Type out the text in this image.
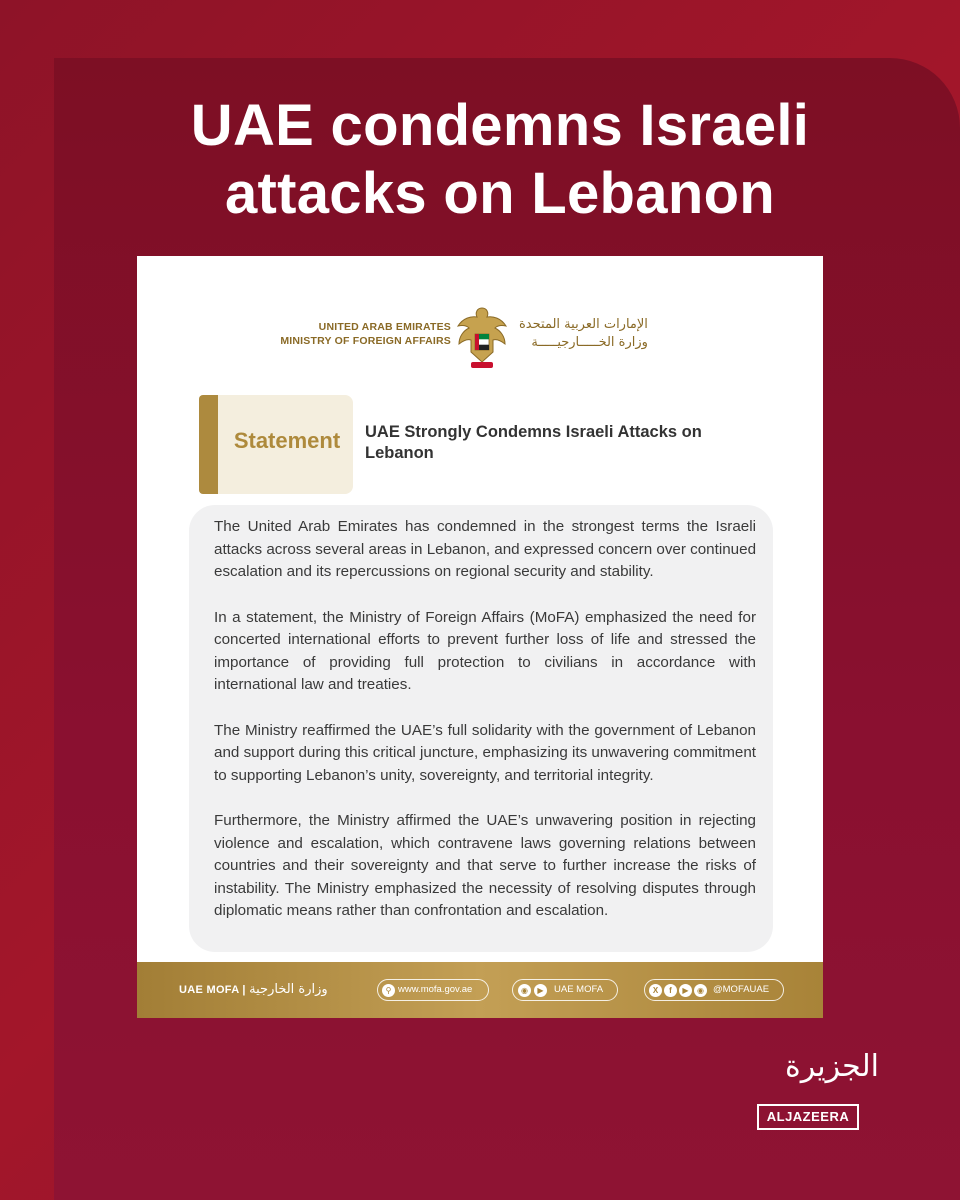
UAE condemns Israeli attacks on Lebanon
UNITED ARAB EMIRATES
MINISTRY OF FOREIGN AFFAIRS
الإمارات العربية المتحدة
وزارة الخـــــارجيـــــة
Statement	UAE Strongly Condemns Israeli Attacks on Lebanon

The United Arab Emirates has condemned in the strongest terms the Israeli attacks across several areas in Lebanon, and expressed concern over continued escalation and its repercussions on regional security and stability.

In a statement, the Ministry of Foreign Affairs (MoFA) emphasized the need for concerted international efforts to prevent further loss of life and stressed the importance of providing full protection to civilians in accordance with international law and treaties.

The Ministry reaffirmed the UAE’s full solidarity with the government of Lebanon and support during this critical juncture, emphasizing its unwavering commitment to supporting Lebanon’s unity, sovereignty, and territorial integrity.

Furthermore, the Ministry affirmed the UAE’s unwavering position in rejecting violence and escalation, which contravene laws governing relations between countries and their sovereignty and that serve to further increase the risks of instability. The Ministry emphasized the necessity of resolving disputes through diplomatic means rather than confrontation and escalation.

UAE MOFA | وزارة الخارجية	⚲ www.mofa.gov.ae	◉	▶	UAE MOFA	X	f	▶	◉ @MOFAUAE
الجزيرة
ALJAZEERA
